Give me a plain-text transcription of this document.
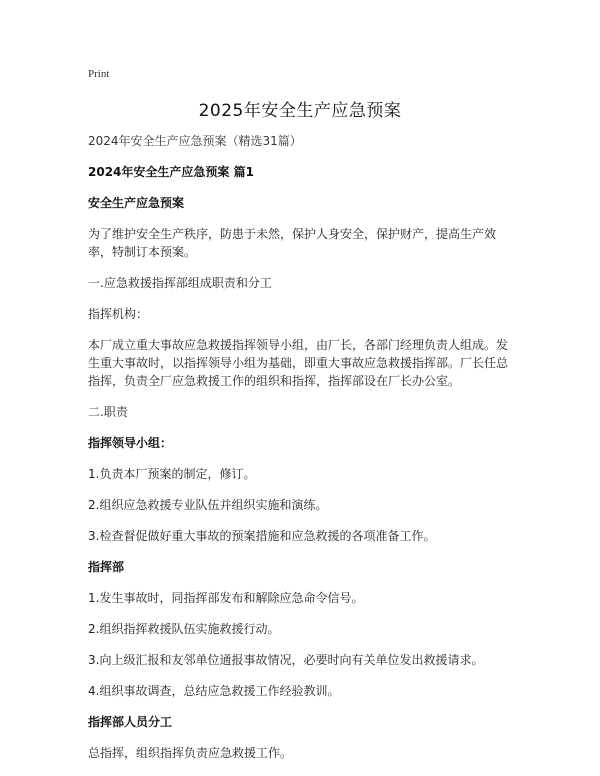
Print
2025年安全生产应急预案
2024年安全生产应急预案（精选31篇）
2024年安全生产应急预案 篇1
安全生产应急预案
为了维护安全生产秩序，防患于未然，保护人身安全，保护财产，提高生产效率，特制订本预案。
一.应急救援指挥部组成职责和分工
指挥机构：
本厂成立重大事故应急救援指挥领导小组，由厂长，各部门经理负责人组成。发生重大事故时，以指挥领导小组为基础，即重大事故应急救援指挥部。厂长任总指挥，负责全厂应急救援工作的组织和指挥，指挥部设在厂长办公室。
二.职责
指挥领导小组：
1.负责本厂预案的制定，修订。
2.组织应急救援专业队伍并组织实施和演练。
3.检查督促做好重大事故的预案措施和应急救援的各项准备工作。
指挥部
1.发生事故时，同指挥部发布和解除应急命令信号。
2.组织指挥救援队伍实施救援行动。
3.向上级汇报和友邻单位通报事故情况，必要时向有关单位发出救援请求。
4.组织事故调查，总结应急救援工作经验教训。
指挥部人员分工
总指挥，组织指挥负责应急救援工作。
